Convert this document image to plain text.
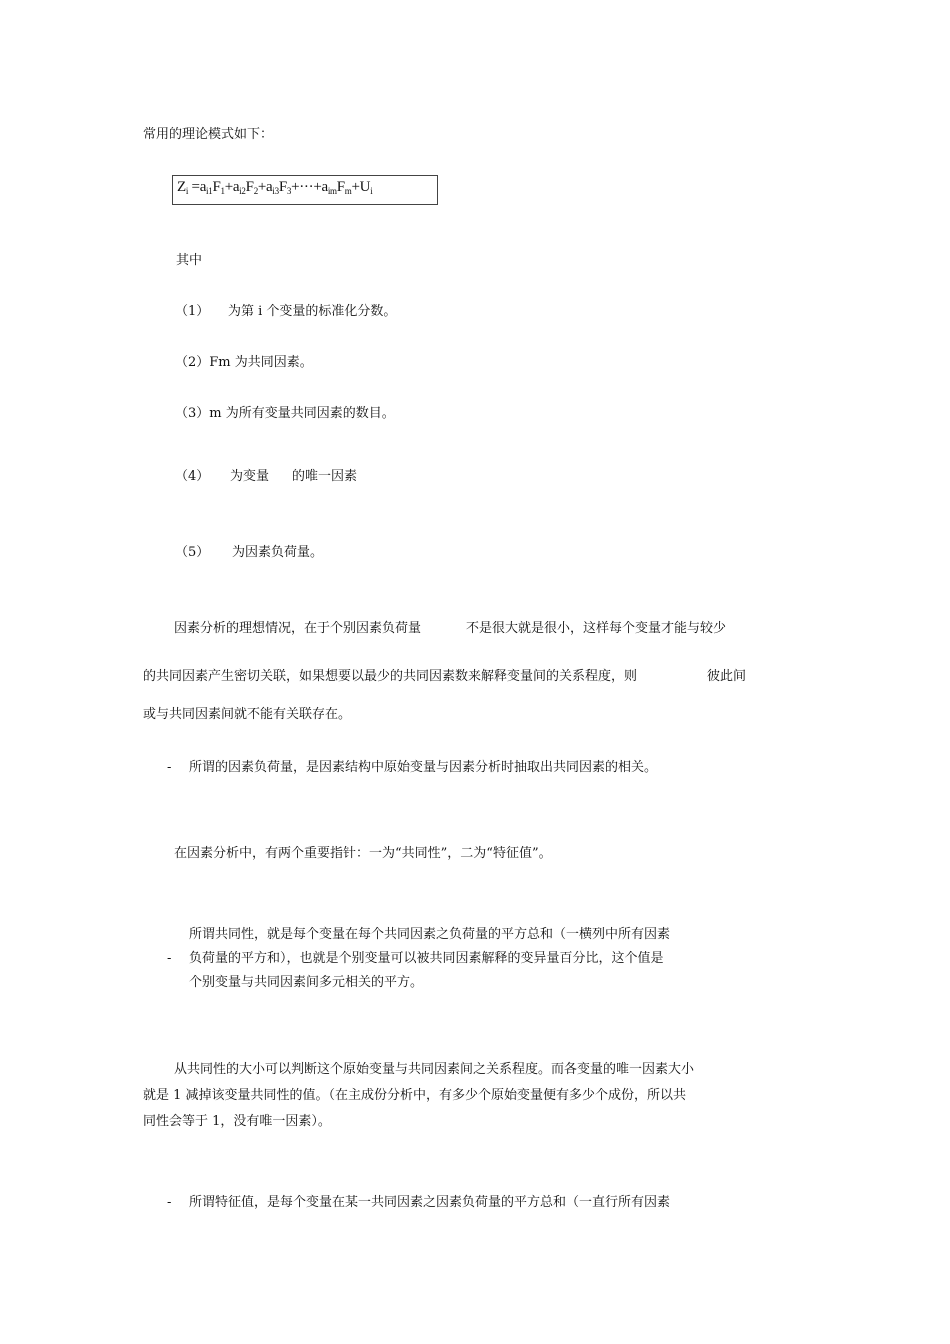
常用的理论模式如下：
$Z_i =a_{i1}F_1+a_{i2}F_2+a_{i3}F_3+\cdot\cdot\cdot+a_{im}F_m+U_i$
其中
（1） 为第 i 个变量的标准化分数。
（2）Fm 为共同因素。
（3）m 为所有变量共同因素的数目。
（4） 为变量 的唯一因素
（5） 为因素负荷量。
因素分析的理想情况，在于个别因素负荷量	不是很大就是很小，这样每个变量才能与较少
的共同因素产生密切关联，如果想要以最少的共同因素数来解释变量间的关系程度，则	彼此间
或与共同因素间就不能有关联存在。
- 所谓的因素负荷量，是因素结构中原始变量与因素分析时抽取出共同因素的相关。
在因素分析中，有两个重要指针：一为“共同性”，二为“特征值”。
所谓共同性，就是每个变量在每个共同因素之负荷量的平方总和（一横列中所有因素
- 负荷量的平方和），也就是个别变量可以被共同因素解释的变异量百分比，这个值是
个别变量与共同因素间多元相关的平方。
从共同性的大小可以判断这个原始变量与共同因素间之关系程度。而各变量的唯一因素大小
就是 1 减掉该变量共同性的值。（在主成份分析中，有多少个原始变量便有多少个成份，所以共
同性会等于 1，没有唯一因素）。
- 所谓特征值，是每个变量在某一共同因素之因素负荷量的平方总和（一直行所有因素
